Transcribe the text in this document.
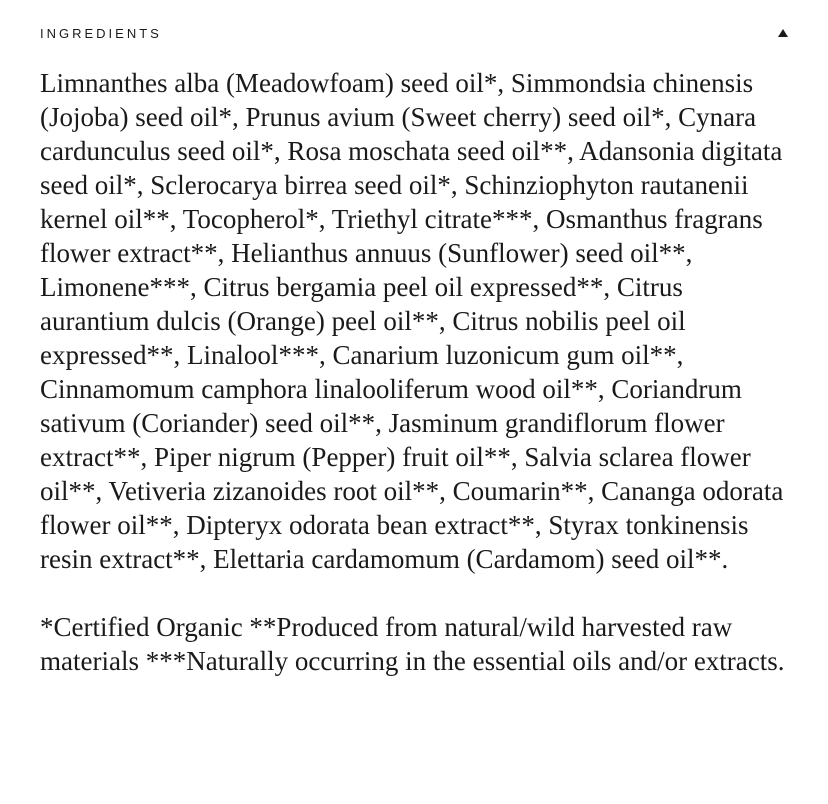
INGREDIENTS

Limnanthes alba (Meadowfoam) seed oil*, Simmondsia chinensis (Jojoba) seed oil*, Prunus avium (Sweet cherry) seed oil*, Cynara cardunculus seed oil*, Rosa moschata seed oil**, Adansonia digitata seed oil*, Sclerocarya birrea seed oil*, Schinziophyton rautanenii kernel oil**, Tocopherol*, Triethyl citrate***, Osmanthus fragrans flower extract**, Helianthus annuus (Sunflower) seed oil**, Limonene***, Citrus bergamia peel oil expressed**, Citrus aurantium dulcis (Orange) peel oil**, Citrus nobilis peel oil expressed**, Linalool***, Canarium luzonicum gum oil**, Cinnamomum camphora linalooliferum wood oil**, Coriandrum sativum (Coriander) seed oil**, Jasminum grandiflorum flower extract**, Piper nigrum (Pepper) fruit oil**, Salvia sclarea flower oil**, Vetiveria zizanoides root oil**, Coumarin**, Cananga odorata flower oil**, Dipteryx odorata bean extract**, Styrax tonkinensis resin extract**, Elettaria cardamomum (Cardamom) seed oil**.

*Certified Organic **Produced from natural/wild harvested raw materials ***Naturally occurring in the essential oils and/or extracts.
